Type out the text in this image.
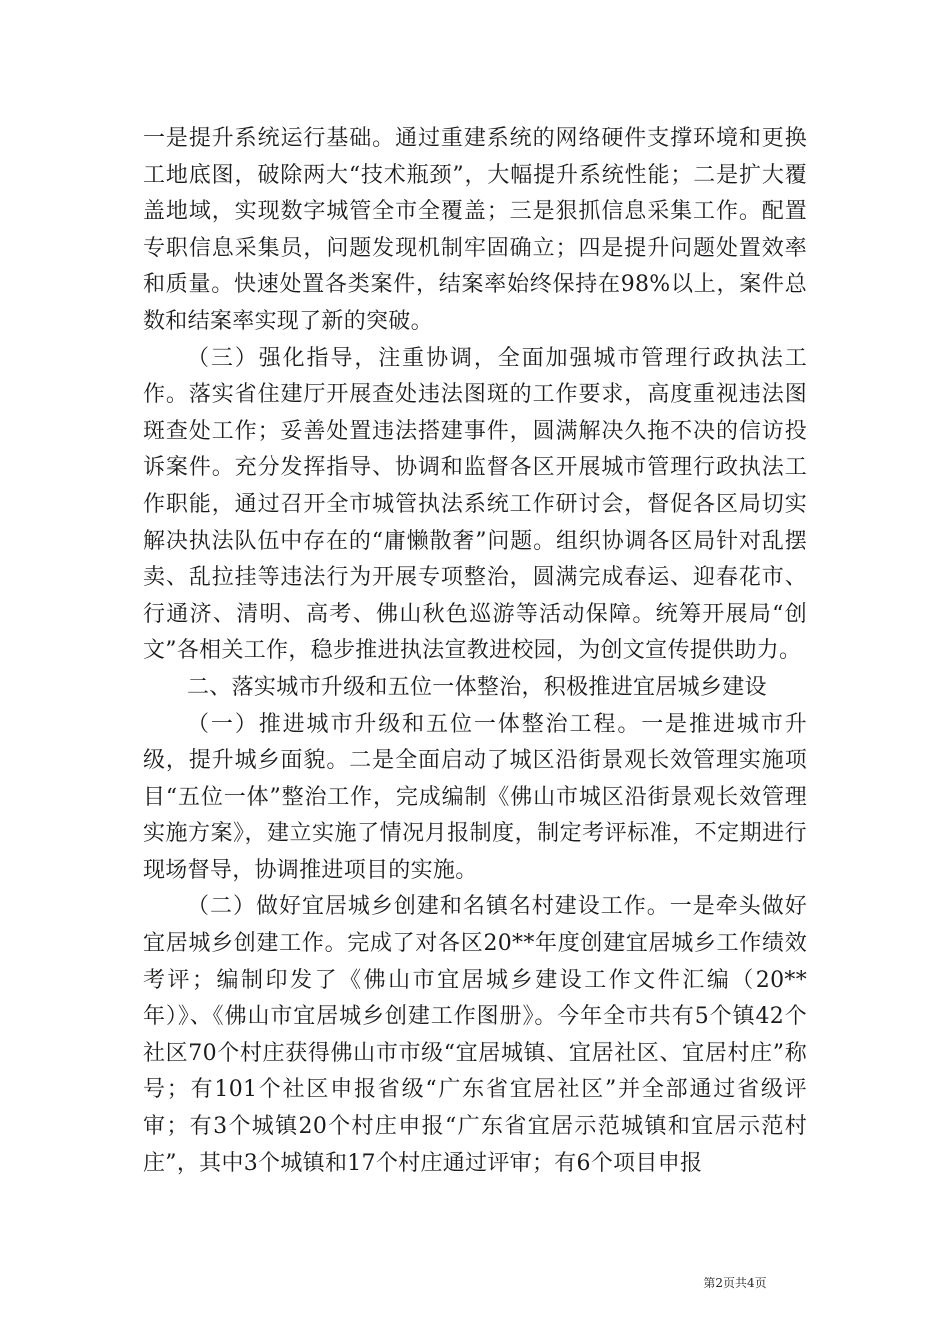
一是提升系统运行基础。通过重建系统的网络硬件支撑环境和更换工地底图，破除两大“技术瓶颈”，大幅提升系统性能；二是扩大覆盖地域，实现数字城管全市全覆盖；三是狠抓信息采集工作。配置专职信息采集员，问题发现机制牢固确立；四是提升问题处置效率和质量。快速处置各类案件，结案率始终保持在98%以上，案件总数和结案率实现了新的突破。

（三）强化指导，注重协调，全面加强城市管理行政执法工作。落实省住建厅开展查处违法图斑的工作要求，高度重视违法图斑查处工作；妥善处置违法搭建事件，圆满解决久拖不决的信访投诉案件。充分发挥指导、协调和监督各区开展城市管理行政执法工作职能，通过召开全市城管执法系统工作研讨会，督促各区局切实解决执法队伍中存在的“庸懒散奢”问题。组织协调各区局针对乱摆卖、乱拉挂等违法行为开展专项整治，圆满完成春运、迎春花市、行通济、清明、高考、佛山秋色巡游等活动保障。统筹开展局“创文”各相关工作，稳步推进执法宣教进校园，为创文宣传提供助力。

二、落实城市升级和五位一体整治，积极推进宜居城乡建设

（一）推进城市升级和五位一体整治工程。一是推进城市升级，提升城乡面貌。二是全面启动了城区沿街景观长效管理实施项目“五位一体”整治工作，完成编制《佛山市城区沿街景观长效管理实施方案》，建立实施了情况月报制度，制定考评标准，不定期进行现场督导，协调推进项目的实施。

（二）做好宜居城乡创建和名镇名村建设工作。一是牵头做好宜居城乡创建工作。完成了对各区20**年度创建宜居城乡工作绩效考评；编制印发了《佛山市宜居城乡建设工作文件汇编（20**年）》、《佛山市宜居城乡创建工作图册》。今年全市共有5个镇42个社区70个村庄获得佛山市市级“宜居城镇、宜居社区、宜居村庄”称号；有101个社区申报省级“广东省宜居社区”并全部通过省级评审；有3个城镇20个村庄申报“广东省宜居示范城镇和宜居示范村庄”，其中3个城镇和17个村庄通过评审；有6个项目申报

第2页共4页
